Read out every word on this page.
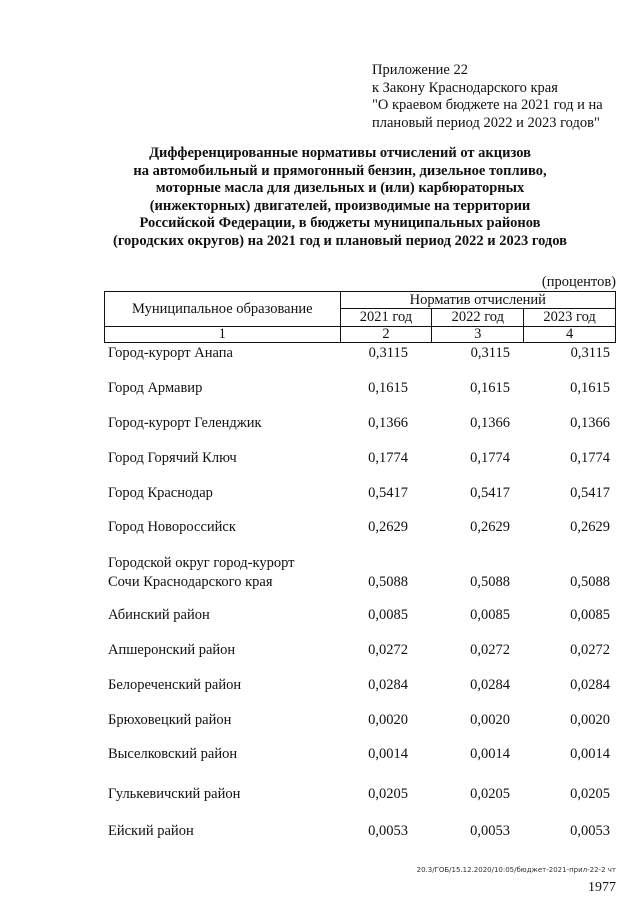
Приложение 22
к Закону Краснодарского края
"О краевом бюджете на 2021 год и на
плановый период 2022 и 2023 годов"
Дифференцированные нормативы отчислений от акцизов
на автомобильный и прямогонный бензин, дизельное топливо,
моторные масла для дизельных и (или) карбюраторных
(инжекторных) двигателей, производимые на территории
Российской Федерации, в бюджеты муниципальных районов
(городских округов) на 2021 год и плановый период 2022 и 2023 годов
(процентов)
Муниципальное образование	Норматив отчислений		
	2021 год	2022 год	2023 год
1	2	3	4
Город-курорт Анапа	0,3115	0,3115	0,3115
Город Армавир	0,1615	0,1615	0,1615
Город-курорт Геленджик	0,1366	0,1366	0,1366
Город Горячий Ключ	0,1774	0,1774	0,1774
Город Краснодар	0,5417	0,5417	0,5417
Город Новороссийск	0,2629	0,2629	0,2629
Городской округ город-курорт Сочи Краснодарского края	0,5088	0,5088	0,5088
Абинский район	0,0085	0,0085	0,0085
Апшеронский район	0,0272	0,0272	0,0272
Белореченский район	0,0284	0,0284	0,0284
Брюховецкий район	0,0020	0,0020	0,0020
Выселковский район	0,0014	0,0014	0,0014
Гулькевичский район	0,0205	0,0205	0,0205
Ейский район	0,0053	0,0053	0,0053
20.3/ГОБ/15.12.2020/10:05/бюджет-2021-прил-22-2 чт
1977
